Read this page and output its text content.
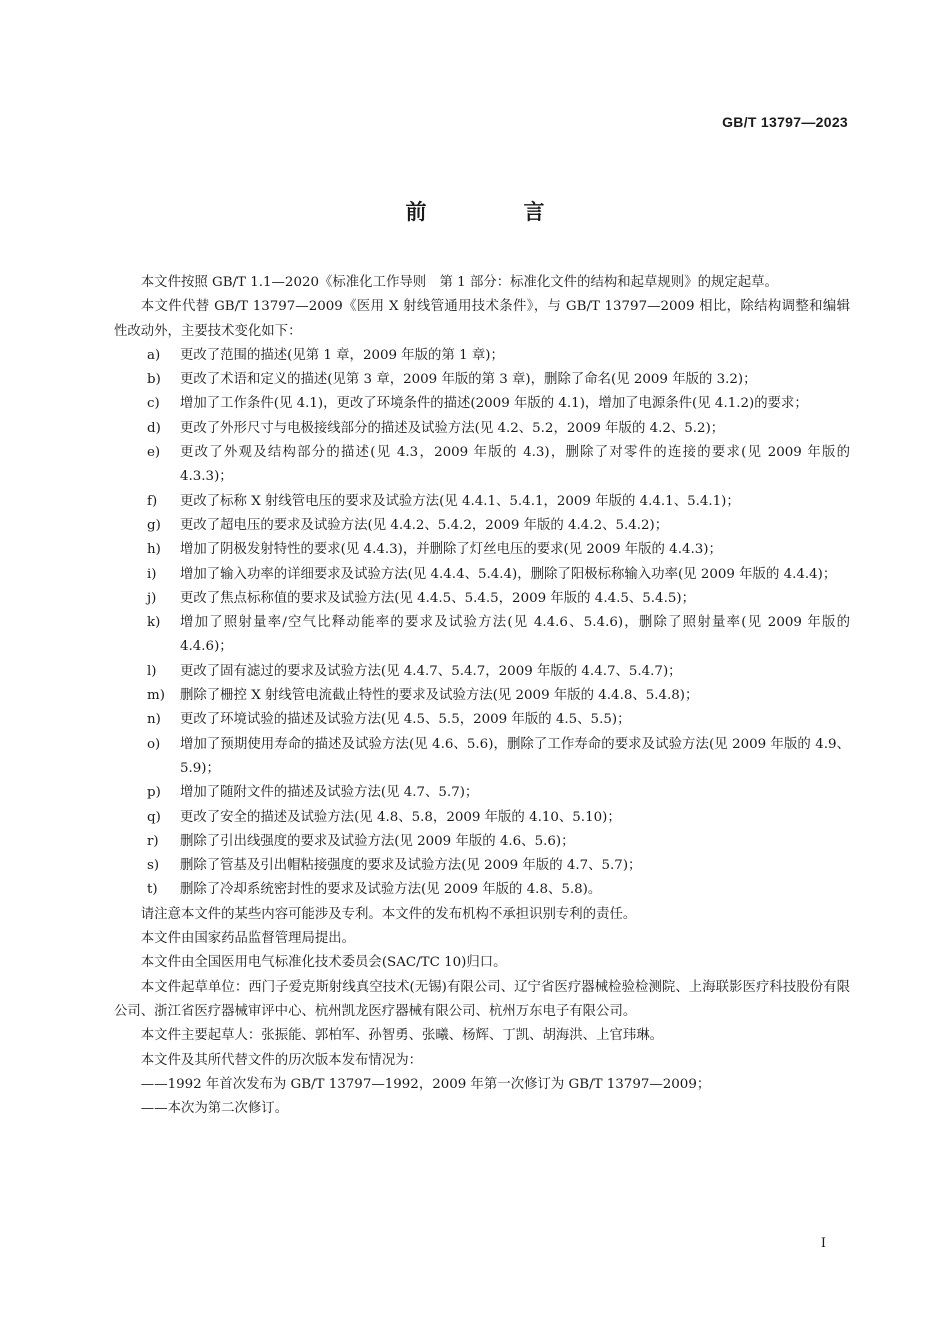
GB/T 13797—2023
前　言

本文件按照 GB/T 1.1—2020《标准化工作导则　第 1 部分：标准化文件的结构和起草规则》的规定起草。

本文件代替 GB/T 13797—2009《医用 X 射线管通用技术条件》，与 GB/T 13797—2009 相比，除结构调整和编辑性改动外，主要技术变化如下：

a)	更改了范围的描述(见第 1 章，2009 年版的第 1 章)；
b)	更改了术语和定义的描述(见第 3 章，2009 年版的第 3 章)，删除了命名(见 2009 年版的 3.2)；
c)	增加了工作条件(见 4.1)，更改了环境条件的描述(2009 年版的 4.1)，增加了电源条件(见 4.1.2)的要求；
d)	更改了外形尺寸与电极接线部分的描述及试验方法(见 4.2、5.2，2009 年版的 4.2、5.2)；
e)	更改了外观及结构部分的描述(见 4.3，2009 年版的 4.3)，删除了对零件的连接的要求(见 2009 年版的 4.3.3)；
f)	更改了标称 X 射线管电压的要求及试验方法(见 4.4.1、5.4.1，2009 年版的 4.4.1、5.4.1)；
g)	更改了超电压的要求及试验方法(见 4.4.2、5.4.2，2009 年版的 4.4.2、5.4.2)；
h)	增加了阴极发射特性的要求(见 4.4.3)，并删除了灯丝电压的要求(见 2009 年版的 4.4.3)；
i)	增加了输入功率的详细要求及试验方法(见 4.4.4、5.4.4)，删除了阳极标称输入功率(见 2009 年版的 4.4.4)；
j)	更改了焦点标称值的要求及试验方法(见 4.4.5、5.4.5，2009 年版的 4.4.5、5.4.5)；
k)	增加了照射量率/空气比释动能率的要求及试验方法(见 4.4.6、5.4.6)，删除了照射量率(见 2009 年版的 4.4.6)；
l)	更改了固有滤过的要求及试验方法(见 4.4.7、5.4.7，2009 年版的 4.4.7、5.4.7)；
m)	删除了栅控 X 射线管电流截止特性的要求及试验方法(见 2009 年版的 4.4.8、5.4.8)；
n)	更改了环境试验的描述及试验方法(见 4.5、5.5，2009 年版的 4.5、5.5)；
o)	增加了预期使用寿命的描述及试验方法(见 4.6、5.6)，删除了工作寿命的要求及试验方法(见 2009 年版的 4.9、5.9)；
p)	增加了随附文件的描述及试验方法(见 4.7、5.7)；
q)	更改了安全的描述及试验方法(见 4.8、5.8，2009 年版的 4.10、5.10)；
r)	删除了引出线强度的要求及试验方法(见 2009 年版的 4.6、5.6)；
s)	删除了管基及引出帽粘接强度的要求及试验方法(见 2009 年版的 4.7、5.7)；
t)	删除了冷却系统密封性的要求及试验方法(见 2009 年版的 4.8、5.8)。

请注意本文件的某些内容可能涉及专利。本文件的发布机构不承担识别专利的责任。

本文件由国家药品监督管理局提出。

本文件由全国医用电气标准化技术委员会(SAC/TC 10)归口。

本文件起草单位：西门子爱克斯射线真空技术(无锡)有限公司、辽宁省医疗器械检验检测院、上海联影医疗科技股份有限公司、浙江省医疗器械审评中心、杭州凯龙医疗器械有限公司、杭州万东电子有限公司。

本文件主要起草人：张振能、郭柏军、孙智勇、张曦、杨辉、丁凯、胡海洪、上官玮琳。

本文件及其所代替文件的历次版本发布情况为：

——1992 年首次发布为 GB/T 13797—1992，2009 年第一次修订为 GB/T 13797—2009；

——本次为第二次修订。

Ⅰ
